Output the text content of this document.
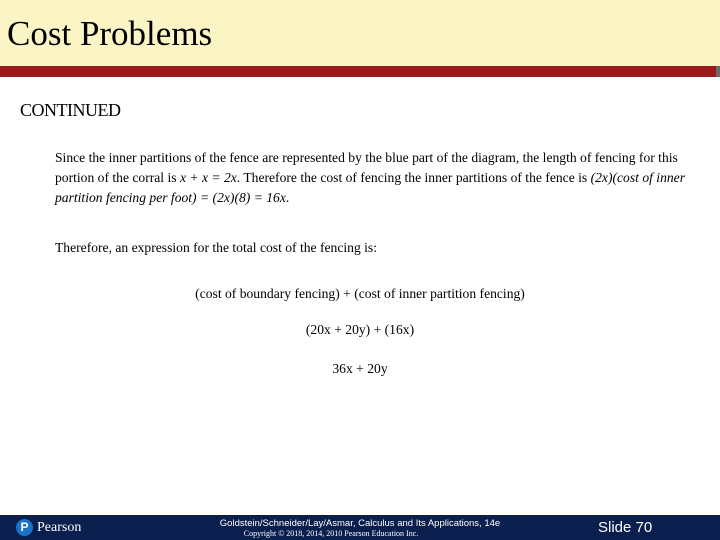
Cost Problems
CONTINUED

Since the inner partitions of the fence are represented by the blue part of the diagram, the length of fencing for this portion of the corral is x + x = 2x. Therefore the cost of fencing the inner partitions of the fence is (2x)(cost of inner partition fencing per foot) = (2x)(8) = 16x.

Therefore, an expression for the total cost of the fencing is:
(cost of boundary fencing) + (cost of inner partition fencing)
(20x + 20y) + (16x)
36x + 20y
P Pearson	Goldstein/Schneider/Lay/Asmar, Calculus and Its Applications, 14e
Copyright © 2018, 2014, 2010 Pearson Education Inc.	Slide 70
